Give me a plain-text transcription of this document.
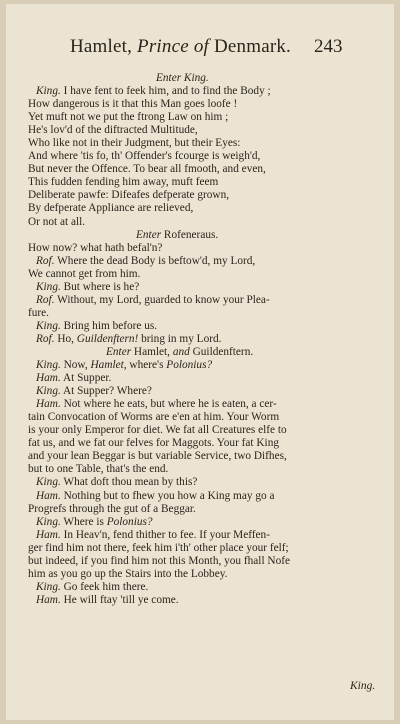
Hamlet, Prince of Denmark. 243
Enter King.
King. I have fent to feek him, and to find the Body ;
How dangerous is it that this Man goes loofe !
Yet muft not we put the ftrong Law on him ;
He's lov'd of the diftracted Multitude,
Who like not in their Judgment, but their Eyes:
And where 'tis fo, th' Offender's fcourge is weigh'd,
But never the Offence. To bear all fmooth, and even,
This fudden fending him away, muft feem
Deliberate pawfe: Difeafes defperate grown,
By defperate Appliance are relieved,
Or not at all.
Enter Rofeneraus.
How now? what hath befal'n?
Rof. Where the dead Body is beftow'd, my Lord,
We cannot get from him.
King. But where is he?
Rof. Without, my Lord, guarded to know your Plea-
fure.
King. Bring him before us.
Rof. Ho, Guildenftern! bring in my Lord.
Enter Hamlet, and Guildenftern.
King. Now, Hamlet, where's Polonius?
Ham. At Supper.
King. At Supper? Where?
Ham. Not where he eats, but where he is eaten, a cer-
tain Convocation of Worms are e'en at him. Your Worm
is your only Emperor for diet. We fat all Creatures elfe to
fat us, and we fat our felves for Maggots. Your fat King
and your lean Beggar is but variable Service, two Difhes,
but to one Table, that's the end.
King. What doft thou mean by this?
Ham. Nothing but to fhew you how a King may go a
Progrefs through the gut of a Beggar.
King. Where is Polonius?
Ham. In Heav'n, fend thither to fee. If your Meffen-
ger find him not there, feek him i'th' other place your felf;
but indeed, if you find him not this Month, you fhall Nofe
him as you go up the Stairs into the Lobbey.
King. Go feek him there.
Ham. He will ftay 'till ye come.
King.
